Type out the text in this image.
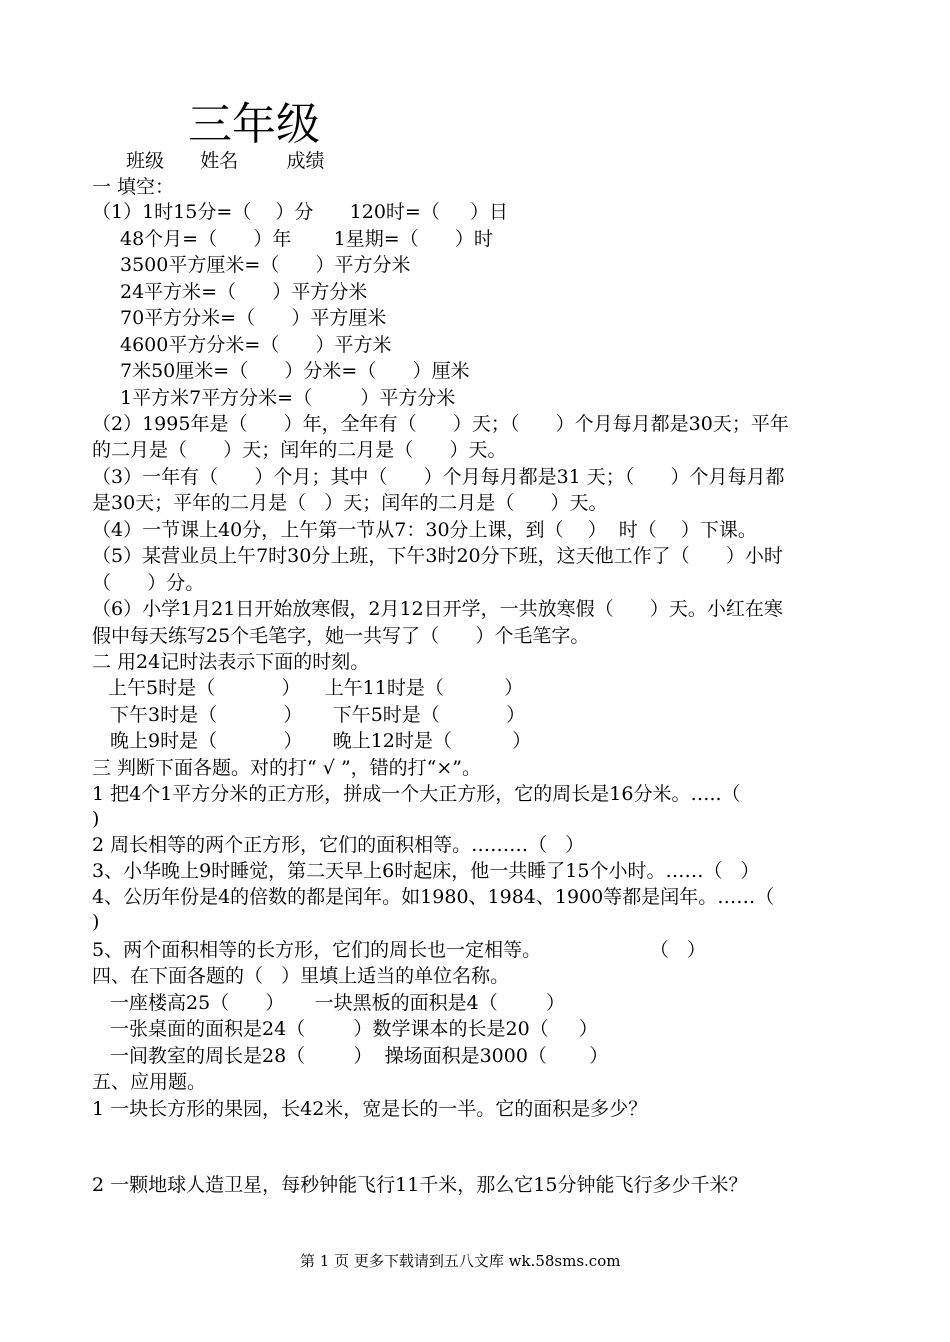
三年级
班级      姓名        成绩
一 填空：
（1）1时15分=（    ）分      120时=（     ）日
48个月=（      ）年       1星期=（      ）时
3500平方厘米=（      ）平方分米
24平方米=（      ）平方分米
70平方分米=（      ）平方厘米
4600平方分米=（      ）平方米
7米50厘米=（      ）分米=（      ）厘米
1平方米7平方分米=（        ）平方分米
（2）1995年是（      ）年，全年有（      ）天；（      ）个月每月都是30天；平年
的二月是（      ）天；闰年的二月是（      ）天。
（3）一年有（      ）个月；其中（      ）个月每月都是31 天；（      ）个月每月都
是30天；平年的二月是（   ）天；闰年的二月是（      ）天。
（4）一节课上40分，上午第一节从7：30分上课，到（    ）  时（    ）下课。
（5）某营业员上午7时30分上班，下午3时20分下班，这天他工作了（      ）小时
（      ）分。
（6）小学1月21日开始放寒假，2月12日开学，一共放寒假（      ）天。小红在寒
假中每天练写25个毛笔字，她一共写了（      ）个毛笔字。
二 用24记时法表示下面的时刻。
上午5时是（           ）    上午11时是（          ）
下午3时是（           ）     下午5时是（           ）
晚上9时是（           ）     晚上12时是（          ）
三 判断下面各题。对的打“ √ ”，错的打“×”。
1 把4个1平方分米的正方形，拼成一个大正方形，它的周长是16分米。…..（
)
2 周长相等的两个正方形，它们的面积相等。………（   ）
3、小华晚上9时睡觉，第二天早上6时起床，他一共睡了15个小时。……（   ）
4、公历年份是4的倍数的都是闰年。如1980、1984、1900等都是闰年。……（
)
5、两个面积相等的长方形，它们的周长也一定相等。                  （   ）
四、在下面各题的（   ）里填上适当的单位名称。
一座楼高25（      ）     一块黑板的面积是4（        ）
一张桌面的面积是24（        ）数学课本的长是20（     ）
一间教室的周长是28（        ）  操场面积是3000（       ）
五、应用题。
1 一块长方形的果园，长42米，宽是长的一半。它的面积是多少？
2 一颗地球人造卫星，每秒钟能飞行11千米，那么它15分钟能飞行多少千米？
第 1 页 更多下载请到五八文库 wk.58sms.com
